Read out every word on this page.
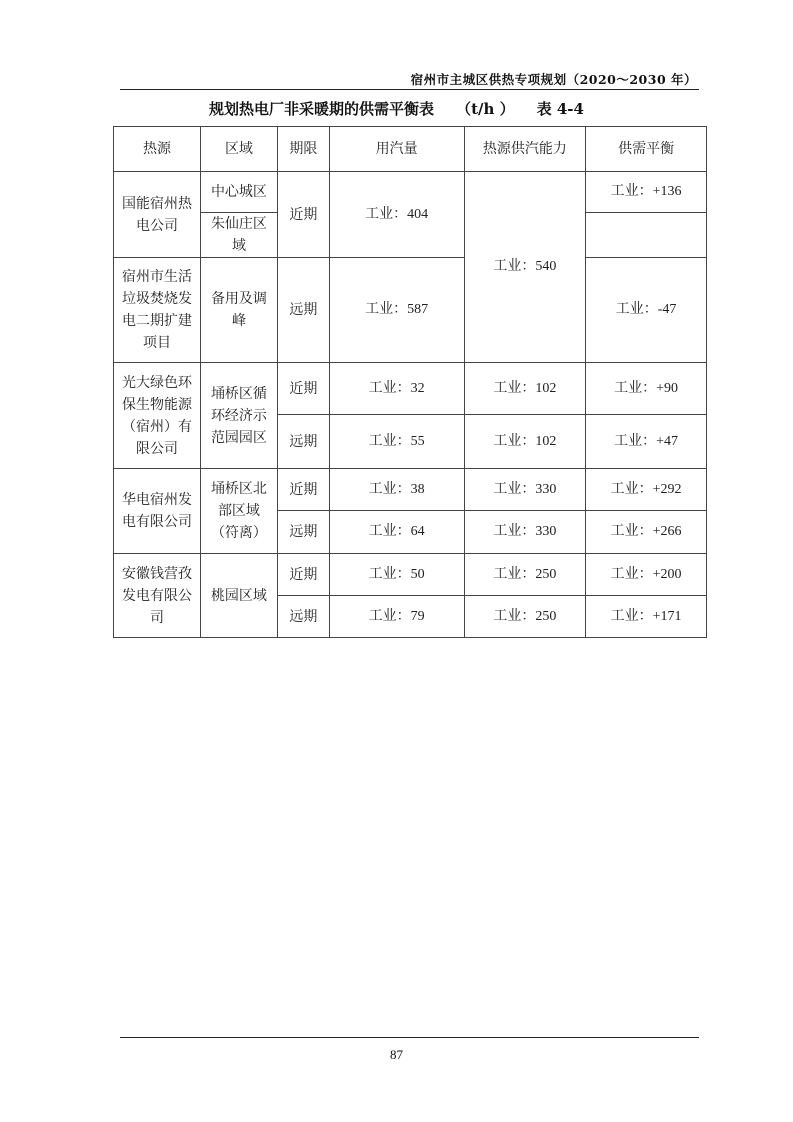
宿州市主城区供热专项规划（2020～2030 年）
规划热电厂非采暖期的供需平衡表 （t/h ） 表 4-4
热源	区域	期限	用汽量	热源供汽能力	供需平衡

国能宿州热电公司	中心城区	近期	工业：404	工业：540	工业：+136

	朱仙庄区域				

宿州市生活垃圾焚烧发电二期扩建项目	备用及调峰	远期	工业：587		工业：-47

光大绿色环保生物能源（宿州）有限公司	埇桥区循环经济示范园园区	近期	工业：32	工业：102	工业：+90
		远期	工业：55	工业：102	工业：+47

华电宿州发电有限公司	埇桥区北部区域（符离）	近期	工业：38	工业：330	工业：+292
		远期	工业：64	工业：330	工业：+266

安徽钱营孜发电有限公司	桃园区域	近期	工业：50	工业：250	工业：+200
		远期	工业：79	工业：250	工业：+171
87
